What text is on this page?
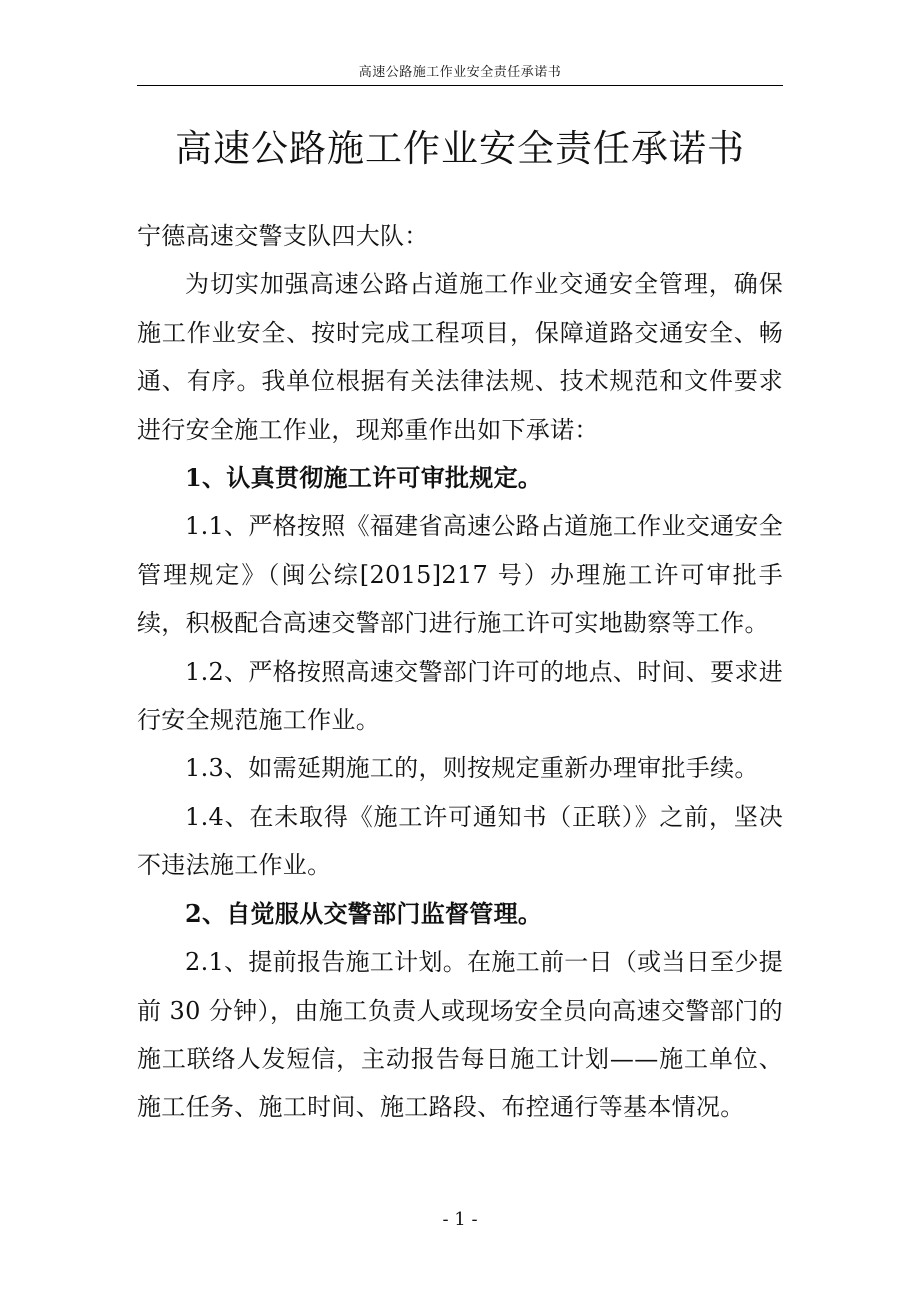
高速公路施工作业安全责任承诺书
高速公路施工作业安全责任承诺书

宁德高速交警支队四大队：

为切实加强高速公路占道施工作业交通安全管理，确保施工作业安全、按时完成工程项目，保障道路交通安全、畅通、有序。我单位根据有关法律法规、技术规范和文件要求进行安全施工作业，现郑重作出如下承诺：

1、认真贯彻施工许可审批规定。

1.1、严格按照《福建省高速公路占道施工作业交通安全管理规定》（闽公综[2015]217 号）办理施工许可审批手续，积极配合高速交警部门进行施工许可实地勘察等工作。

1.2、严格按照高速交警部门许可的地点、时间、要求进行安全规范施工作业。

1.3、如需延期施工的，则按规定重新办理审批手续。

1.4、在未取得《施工许可通知书（正联）》之前，坚决不违法施工作业。

2、自觉服从交警部门监督管理。

2.1、提前报告施工计划。在施工前一日（或当日至少提前 30 分钟），由施工负责人或现场安全员向高速交警部门的施工联络人发短信，主动报告每日施工计划——施工单位、施工任务、施工时间、施工路段、布控通行等基本情况。

- 1 -
